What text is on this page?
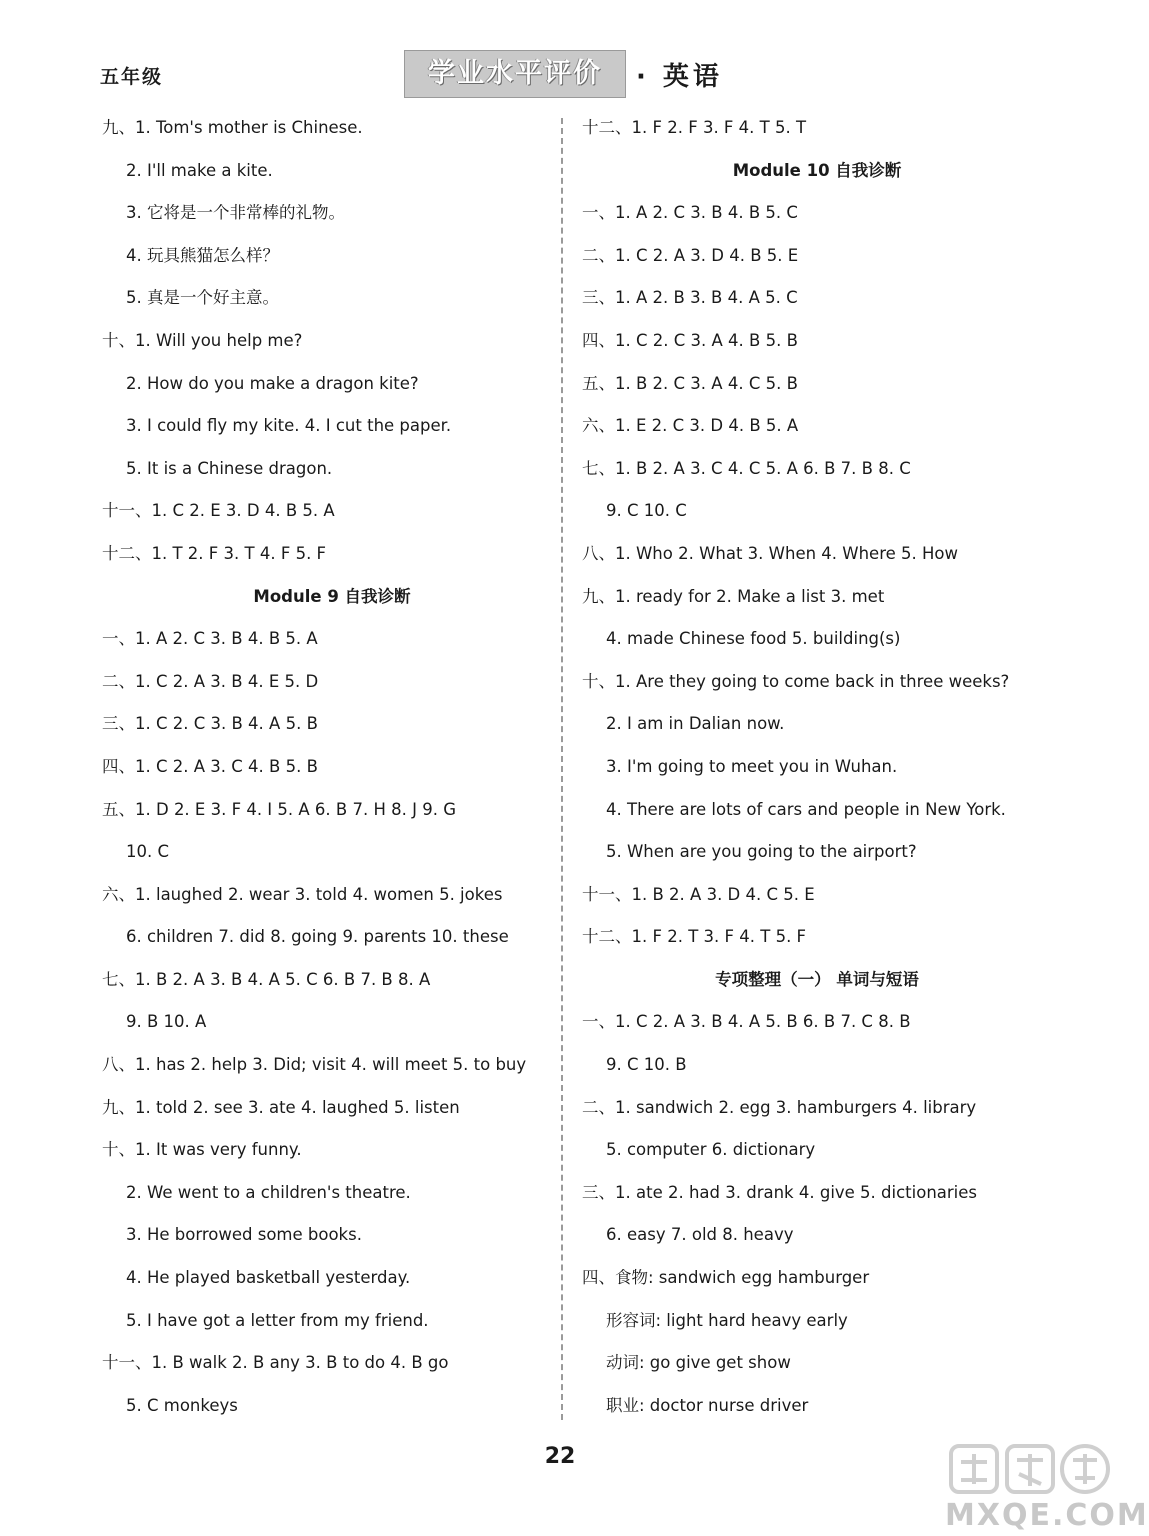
五年级	学业水平评价	· 英语
九、1. Tom's mother is Chinese.
2. I'll make a kite.
3. 它将是一个非常棒的礼物。
4. 玩具熊猫怎么样？
5. 真是一个好主意。
十、1. Will you help me?
2. How do you make a dragon kite?
3. I could fly my kite. 4. I cut the paper.
5. It is a Chinese dragon.
十一、1. C 2. E 3. D 4. B 5. A
十二、1. T 2. F 3. T 4. F 5. F
Module 9 自我诊断
一、1. A 2. C 3. B 4. B 5. A
二、1. C 2. A 3. B 4. E 5. D
三、1. C 2. C 3. B 4. A 5. B
四、1. C 2. A 3. C 4. B 5. B
五、1. D 2. E 3. F 4. I 5. A 6. B 7. H 8. J 9. G
10. C
六、1. laughed 2. wear 3. told 4. women 5. jokes
6. children 7. did 8. going 9. parents 10. these
七、1. B 2. A 3. B 4. A 5. C 6. B 7. B 8. A
9. B 10. A
八、1. has 2. help 3. Did; visit 4. will meet 5. to buy
九、1. told 2. see 3. ate 4. laughed 5. listen
十、1. It was very funny.
2. We went to a children's theatre.
3. He borrowed some books.
4. He played basketball yesterday.
5. I have got a letter from my friend.
十一、1. B walk 2. B any 3. B to do 4. B go
5. C monkeys
十二、1. F 2. F 3. F 4. T 5. T
Module 10 自我诊断
一、1. A 2. C 3. B 4. B 5. C
二、1. C 2. A 3. D 4. B 5. E
三、1. A 2. B 3. B 4. A 5. C
四、1. C 2. C 3. A 4. B 5. B
五、1. B 2. C 3. A 4. C 5. B
六、1. E 2. C 3. D 4. B 5. A
七、1. B 2. A 3. C 4. C 5. A 6. B 7. B 8. C
9. C 10. C
八、1. Who 2. What 3. When 4. Where 5. How
九、1. ready for 2. Make a list 3. met
4. made Chinese food 5. building(s)
十、1. Are they going to come back in three weeks?
2. I am in Dalian now.
3. I'm going to meet you in Wuhan.
4. There are lots of cars and people in New York.
5. When are you going to the airport?
十一、1. B 2. A 3. D 4. C 5. E
十二、1. F 2. T 3. F 4. T 5. F
专项整理（一） 单词与短语
一、1. C 2. A 3. B 4. A 5. B 6. B 7. C 8. B
9. C 10. B
二、1. sandwich 2. egg 3. hamburgers 4. library
5. computer 6. dictionary
三、1. ate 2. had 3. drank 4. give 5. dictionaries
6. easy 7. old 8. heavy
四、食物: sandwich egg hamburger
形容词: light hard heavy early
动词: go give get show
职业: doctor nurse driver
22
MXQE.COM
